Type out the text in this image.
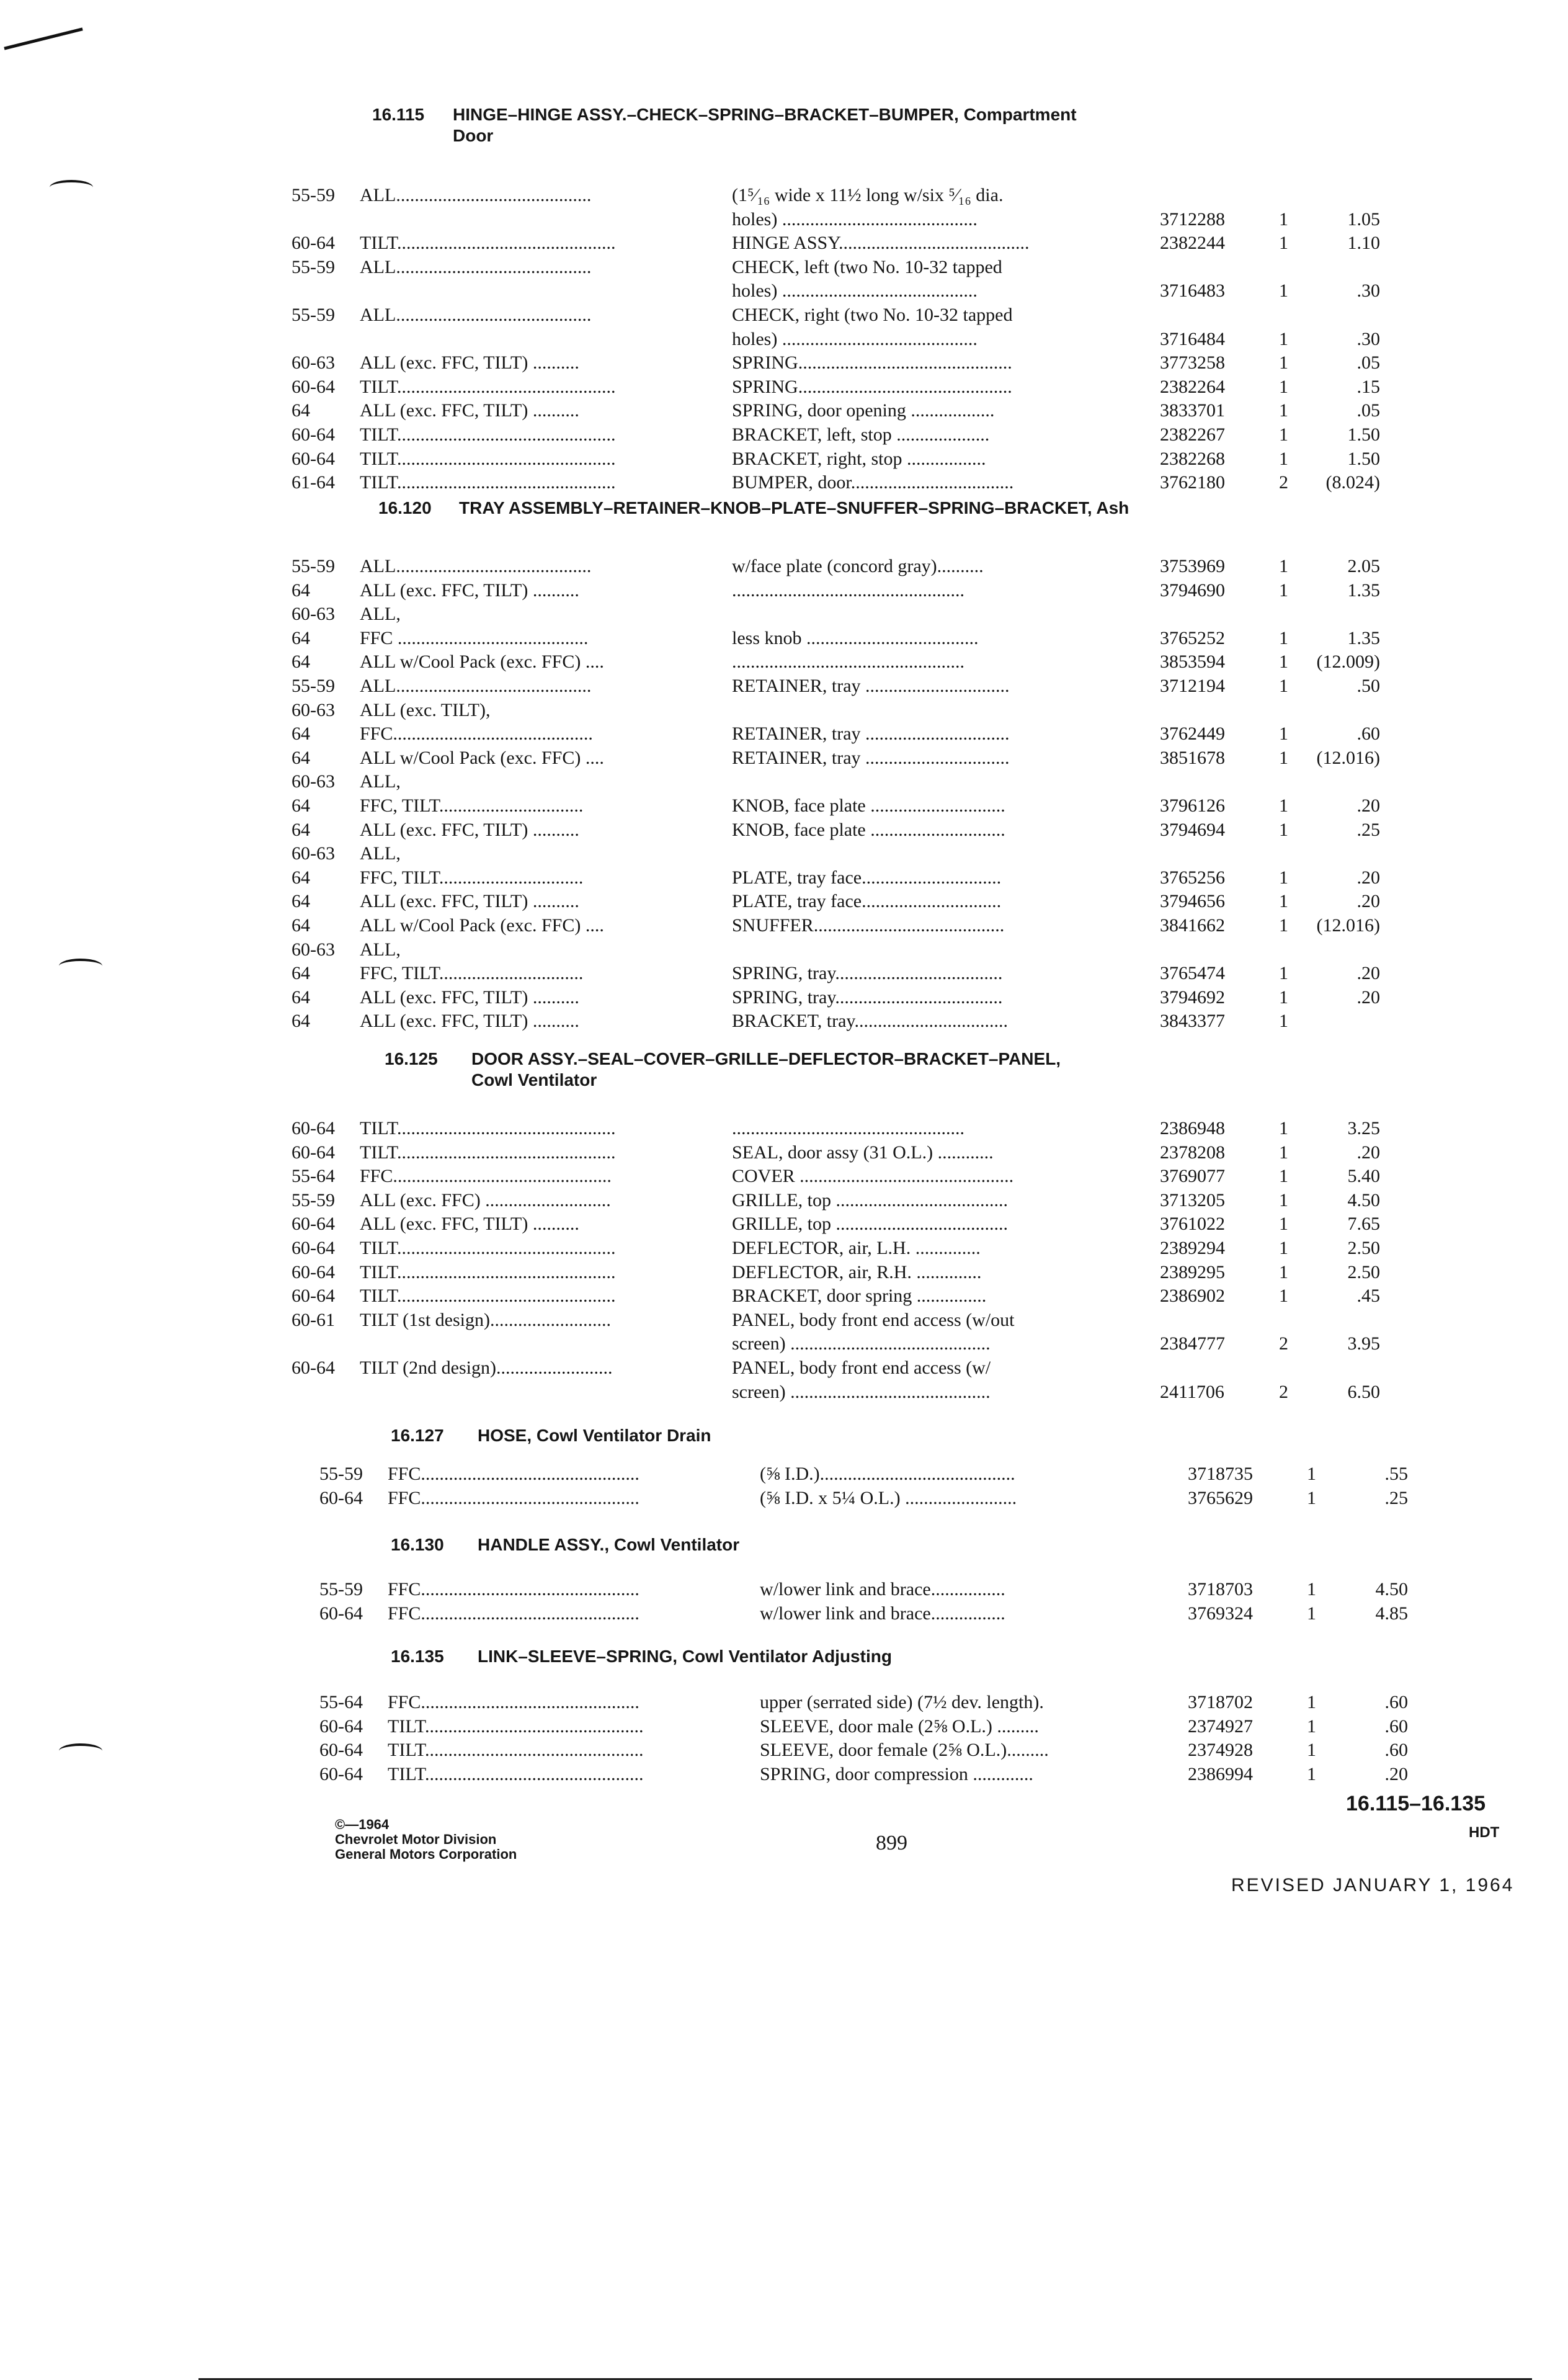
16.115 HINGE–HINGE ASSY.–CHECK–SPRING–BRACKET–BUMPER, Compartment
Door
55-59 ALL..........................................	(1⁵⁄₁₆ wide x 11½ long w/six ⁵⁄₁₆ dia.
holes) ..........................................	3712288	1	1.05
60-64 TILT...............................................	HINGE ASSY.........................................	2382244	1	1.10
55-59 ALL..........................................	CHECK, left (two No. 10-32 tapped
holes) ..........................................	3716483	1	.30
55-59 ALL..........................................	CHECK, right (two No. 10-32 tapped
holes) ..........................................	3716484	1	.30
60-63 ALL (exc. FFC, TILT) ..........	SPRING..............................................	3773258	1	.05
60-64 TILT...............................................	SPRING..............................................	2382264	1	.15
64	ALL (exc. FFC, TILT) ..........	SPRING, door opening ..................	3833701	1	.05
60-64 TILT...............................................	BRACKET, left, stop ....................	2382267	1	1.50
60-64 TILT...............................................	BRACKET, right, stop .................	2382268	1	1.50
61-64 TILT...............................................	BUMPER, door...................................	3762180	2	(8.024)
16.120 TRAY ASSEMBLY–RETAINER–KNOB–PLATE–SNUFFER–SPRING–BRACKET, Ash
55-59 ALL..........................................	w/face plate (concord gray)..........	3753969	1	2.05
64	ALL (exc. FFC, TILT) ..........	..................................................	3794690	1	1.35
60-63 ALL,
64	FFC .........................................	less knob .....................................	3765252	1	1.35
64	ALL w/Cool Pack (exc. FFC) ....	..................................................	3853594	1	(12.009)
55-59 ALL..........................................	RETAINER, tray ...............................	3712194	1	.50
60-63 ALL (exc. TILT),
64	FFC...........................................	RETAINER, tray ...............................	3762449	1	.60
64	ALL w/Cool Pack (exc. FFC) ....	RETAINER, tray ...............................	3851678	1	(12.016)
60-63 ALL,
64	FFC, TILT...............................	KNOB, face plate .............................	3796126	1	.20
64	ALL (exc. FFC, TILT) ..........	KNOB, face plate .............................	3794694	1	.25
60-63 ALL,
64	FFC, TILT...............................	PLATE, tray face..............................	3765256	1	.20
64	ALL (exc. FFC, TILT) ..........	PLATE, tray face..............................	3794656	1	.20
64	ALL w/Cool Pack (exc. FFC) ....	SNUFFER.........................................	3841662	1	(12.016)
60-63 ALL,
64	FFC, TILT...............................	SPRING, tray....................................	3765474	1	.20
64	ALL (exc. FFC, TILT) ..........	SPRING, tray....................................	3794692	1	.20
64	ALL (exc. FFC, TILT) ..........	BRACKET, tray.................................	3843377	1
16.125 DOOR ASSY.–SEAL–COVER–GRILLE–DEFLECTOR–BRACKET–PANEL,
Cowl Ventilator
60-64 TILT...............................................	..................................................	2386948	1	3.25
60-64 TILT...............................................	SEAL, door assy (31 O.L.) ............	2378208	1	.20
55-64 FFC...............................................	COVER ..............................................	3769077	1	5.40
55-59 ALL (exc. FFC) ...........................	GRILLE, top .....................................	3713205	1	4.50
60-64 ALL (exc. FFC, TILT) ..........	GRILLE, top .....................................	3761022	1	7.65
60-64 TILT...............................................	DEFLECTOR, air, L.H. ..............	2389294	1	2.50
60-64 TILT...............................................	DEFLECTOR, air, R.H. ..............	2389295	1	2.50
60-64 TILT...............................................	BRACKET, door spring ...............	2386902	1	.45
60-61 TILT (1st design)..........................	PANEL, body front end access (w/out
screen) ...........................................	2384777	2	3.95
60-64 TILT (2nd design).........................	PANEL, body front end access (w/
screen) ...........................................	2411706	2	6.50
16.127 HOSE, Cowl Ventilator Drain
55-59 FFC...............................................	(⅝ I.D.)..........................................	3718735	1	.55
60-64 FFC...............................................	(⅝ I.D. x 5¼ O.L.) ........................	3765629	1	.25
16.130 HANDLE ASSY., Cowl Ventilator
55-59 FFC...............................................	w/lower link and brace................	3718703	1	4.50
60-64 FFC...............................................	w/lower link and brace................	3769324	1	4.85
16.135 LINK–SLEEVE–SPRING, Cowl Ventilator Adjusting
55-64 FFC...............................................	upper (serrated side) (7½ dev. length).	3718702	1	.60
60-64 TILT...............................................	SLEEVE, door male (2⅝ O.L.) .........	2374927	1	.60
60-64 TILT...............................................	SLEEVE, door female (2⅝ O.L.).........	2374928	1	.60
60-64 TILT...............................................	SPRING, door compression .............	2386994	1	.20
©—1964
Chevrolet Motor Division
General Motors Corporation	899
16.115–16.135
HDT
REVISED JANUARY 1, 1964
